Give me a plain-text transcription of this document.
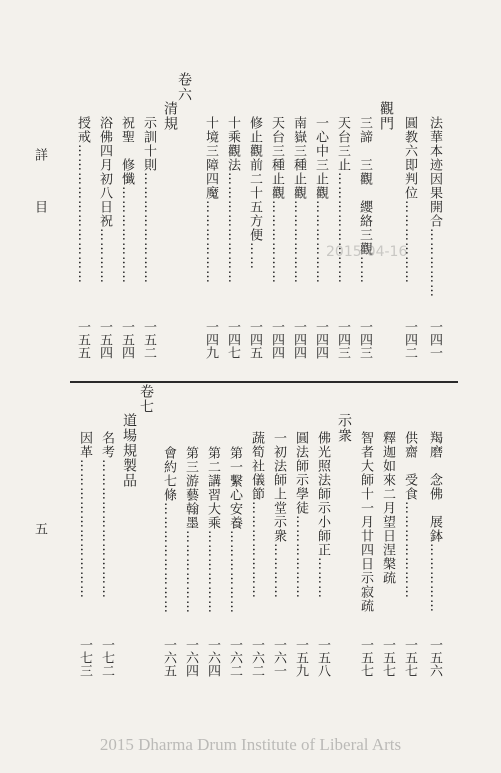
卷六
法華本迹因果開合……………
一四一
圓教六即判位………………
一四二
觀門
三諦　三觀　纓絡三觀……
一四三
天台三止……………………
一四三
一心中三止觀………………
一四四
南嶽三種止觀………………
一四四
天台三種止觀………………
一四四
修止觀前二十五方便……
一四五
十乘觀法……………………
一四七
十境三障四魔………………
一四九
清規
示訓十則……………………
一五二
祝聖　修懺…………………
一五四
浴佛四月初八日祝…………
一五四
授戒…………………………
一五五
卷七
羯磨　念佛　展鉢……………
一五六
供齋　受食…………………
一五七
釋迦如來二月望日涅槃疏
一五七
智者大師十一月廿四日示寂疏
一五七
示衆
佛光照法師示小師正………
一五八
圓法師示學徒………………
一五九
一初法師上堂示衆…………
一六一
蔬筍社儀節…………………
一六二
第一繫心安養………………
一六二
第二講習大乘………………
一六四
第三游藝翰墨………………
一六四
會約七條……………………
一六五
道場規製品
名考…………………………
一七二
因革…………………………
一七三
詳
目
五
2015-04-16
2015 Dharma Drum Institute of Liberal Arts
